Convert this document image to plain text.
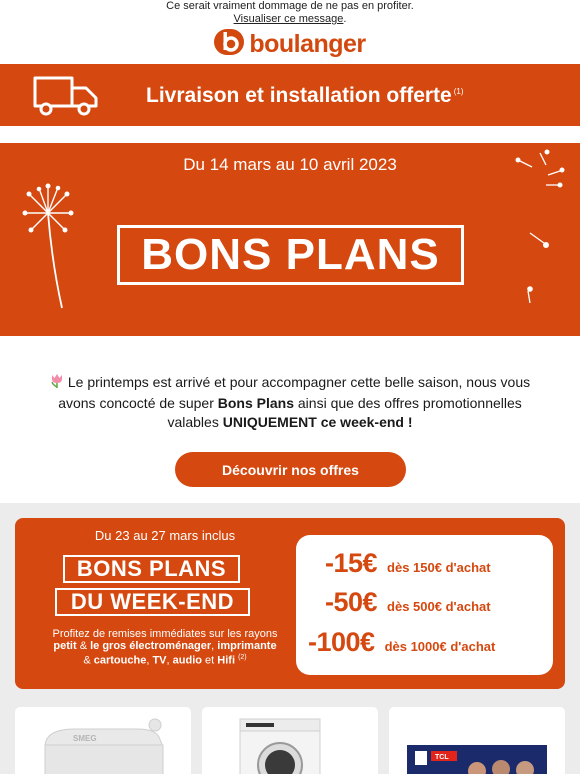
Ce serait vraiment dommage de ne pas en profiter.
Visualiser ce message.
boulanger
Livraison et installation offerte $^{(1)}$
Du 14 mars au 10 avril 2023
BONS PLANS
Le printemps est arrivé et pour accompagner cette belle saison, nous vous avons concocté de super Bons Plans ainsi que des offres promotionnelles valables UNIQUEMENT ce week-end !
Découvrir nos offres
Du 23 au 27 mars inclus
BONS PLANS
DU WEEK-END
Profitez de remises immédiates sur les rayons
petit & le gros électroménager, imprimante
& cartouche, TV, audio et Hifi $^{(2)}$
-15€ dès 150€ d'achat
-50€ dès 500€ d'achat
-100€ dès 1000€ d'achat
SMEG
TCL
